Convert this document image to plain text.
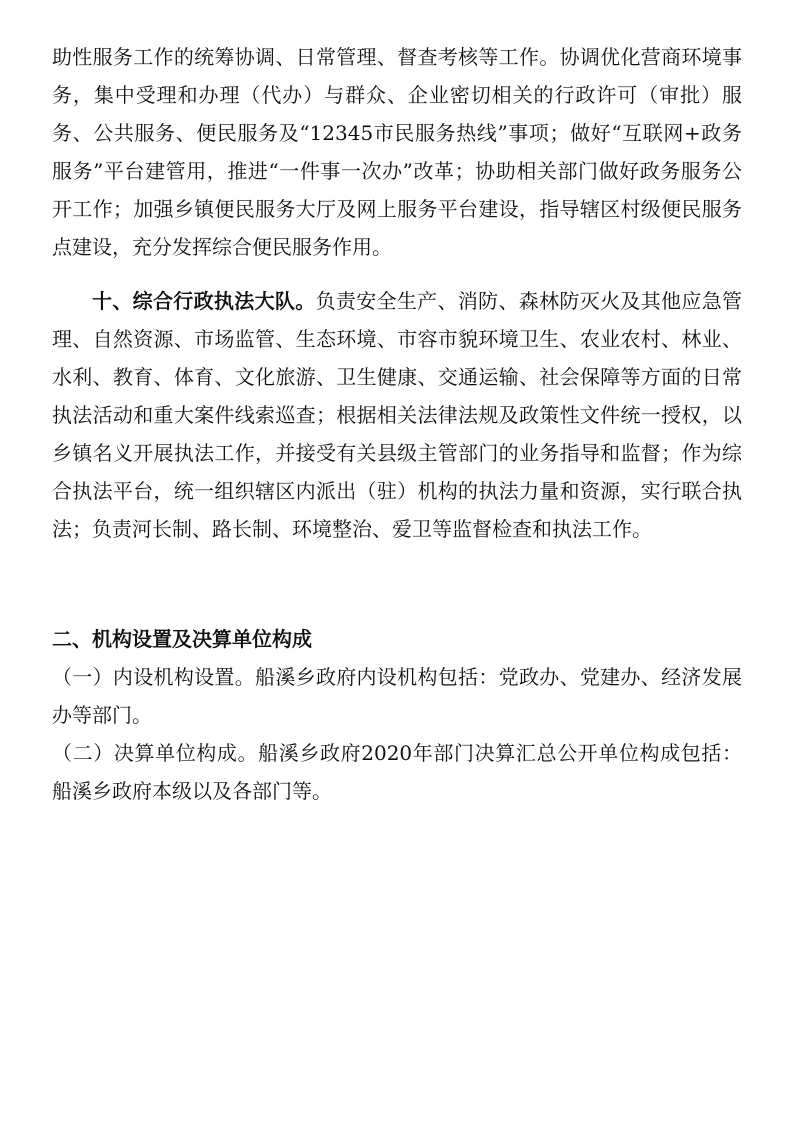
助性服务工作的统筹协调、日常管理、督查考核等工作。协调优化营商环境事务，集中受理和办理（代办）与群众、企业密切相关的行政许可（审批）服务、公共服务、便民服务及“12345市民服务热线”事项；做好“互联网+政务服务”平台建管用，推进“一件事一次办”改革；协助相关部门做好政务服务公开工作；加强乡镇便民服务大厅及网上服务平台建设，指导辖区村级便民服务点建设，充分发挥综合便民服务作用。

十、综合行政执法大队。负责安全生产、消防、森林防灭火及其他应急管理、自然资源、市场监管、生态环境、市容市貌环境卫生、农业农村、林业、水利、教育、体育、文化旅游、卫生健康、交通运输、社会保障等方面的日常执法活动和重大案件线索巡查；根据相关法律法规及政策性文件统一授权，以乡镇名义开展执法工作，并接受有关县级主管部门的业务指导和监督；作为综合执法平台，统一组织辖区内派出（驻）机构的执法力量和资源，实行联合执法；负责河长制、路长制、环境整治、爱卫等监督检查和执法工作。

二、机构设置及决算单位构成

（一）内设机构设置。船溪乡政府内设机构包括：党政办、党建办、经济发展办等部门。

（二）决算单位构成。船溪乡政府2020年部门决算汇总公开单位构成包括：船溪乡政府本级以及各部门等。
